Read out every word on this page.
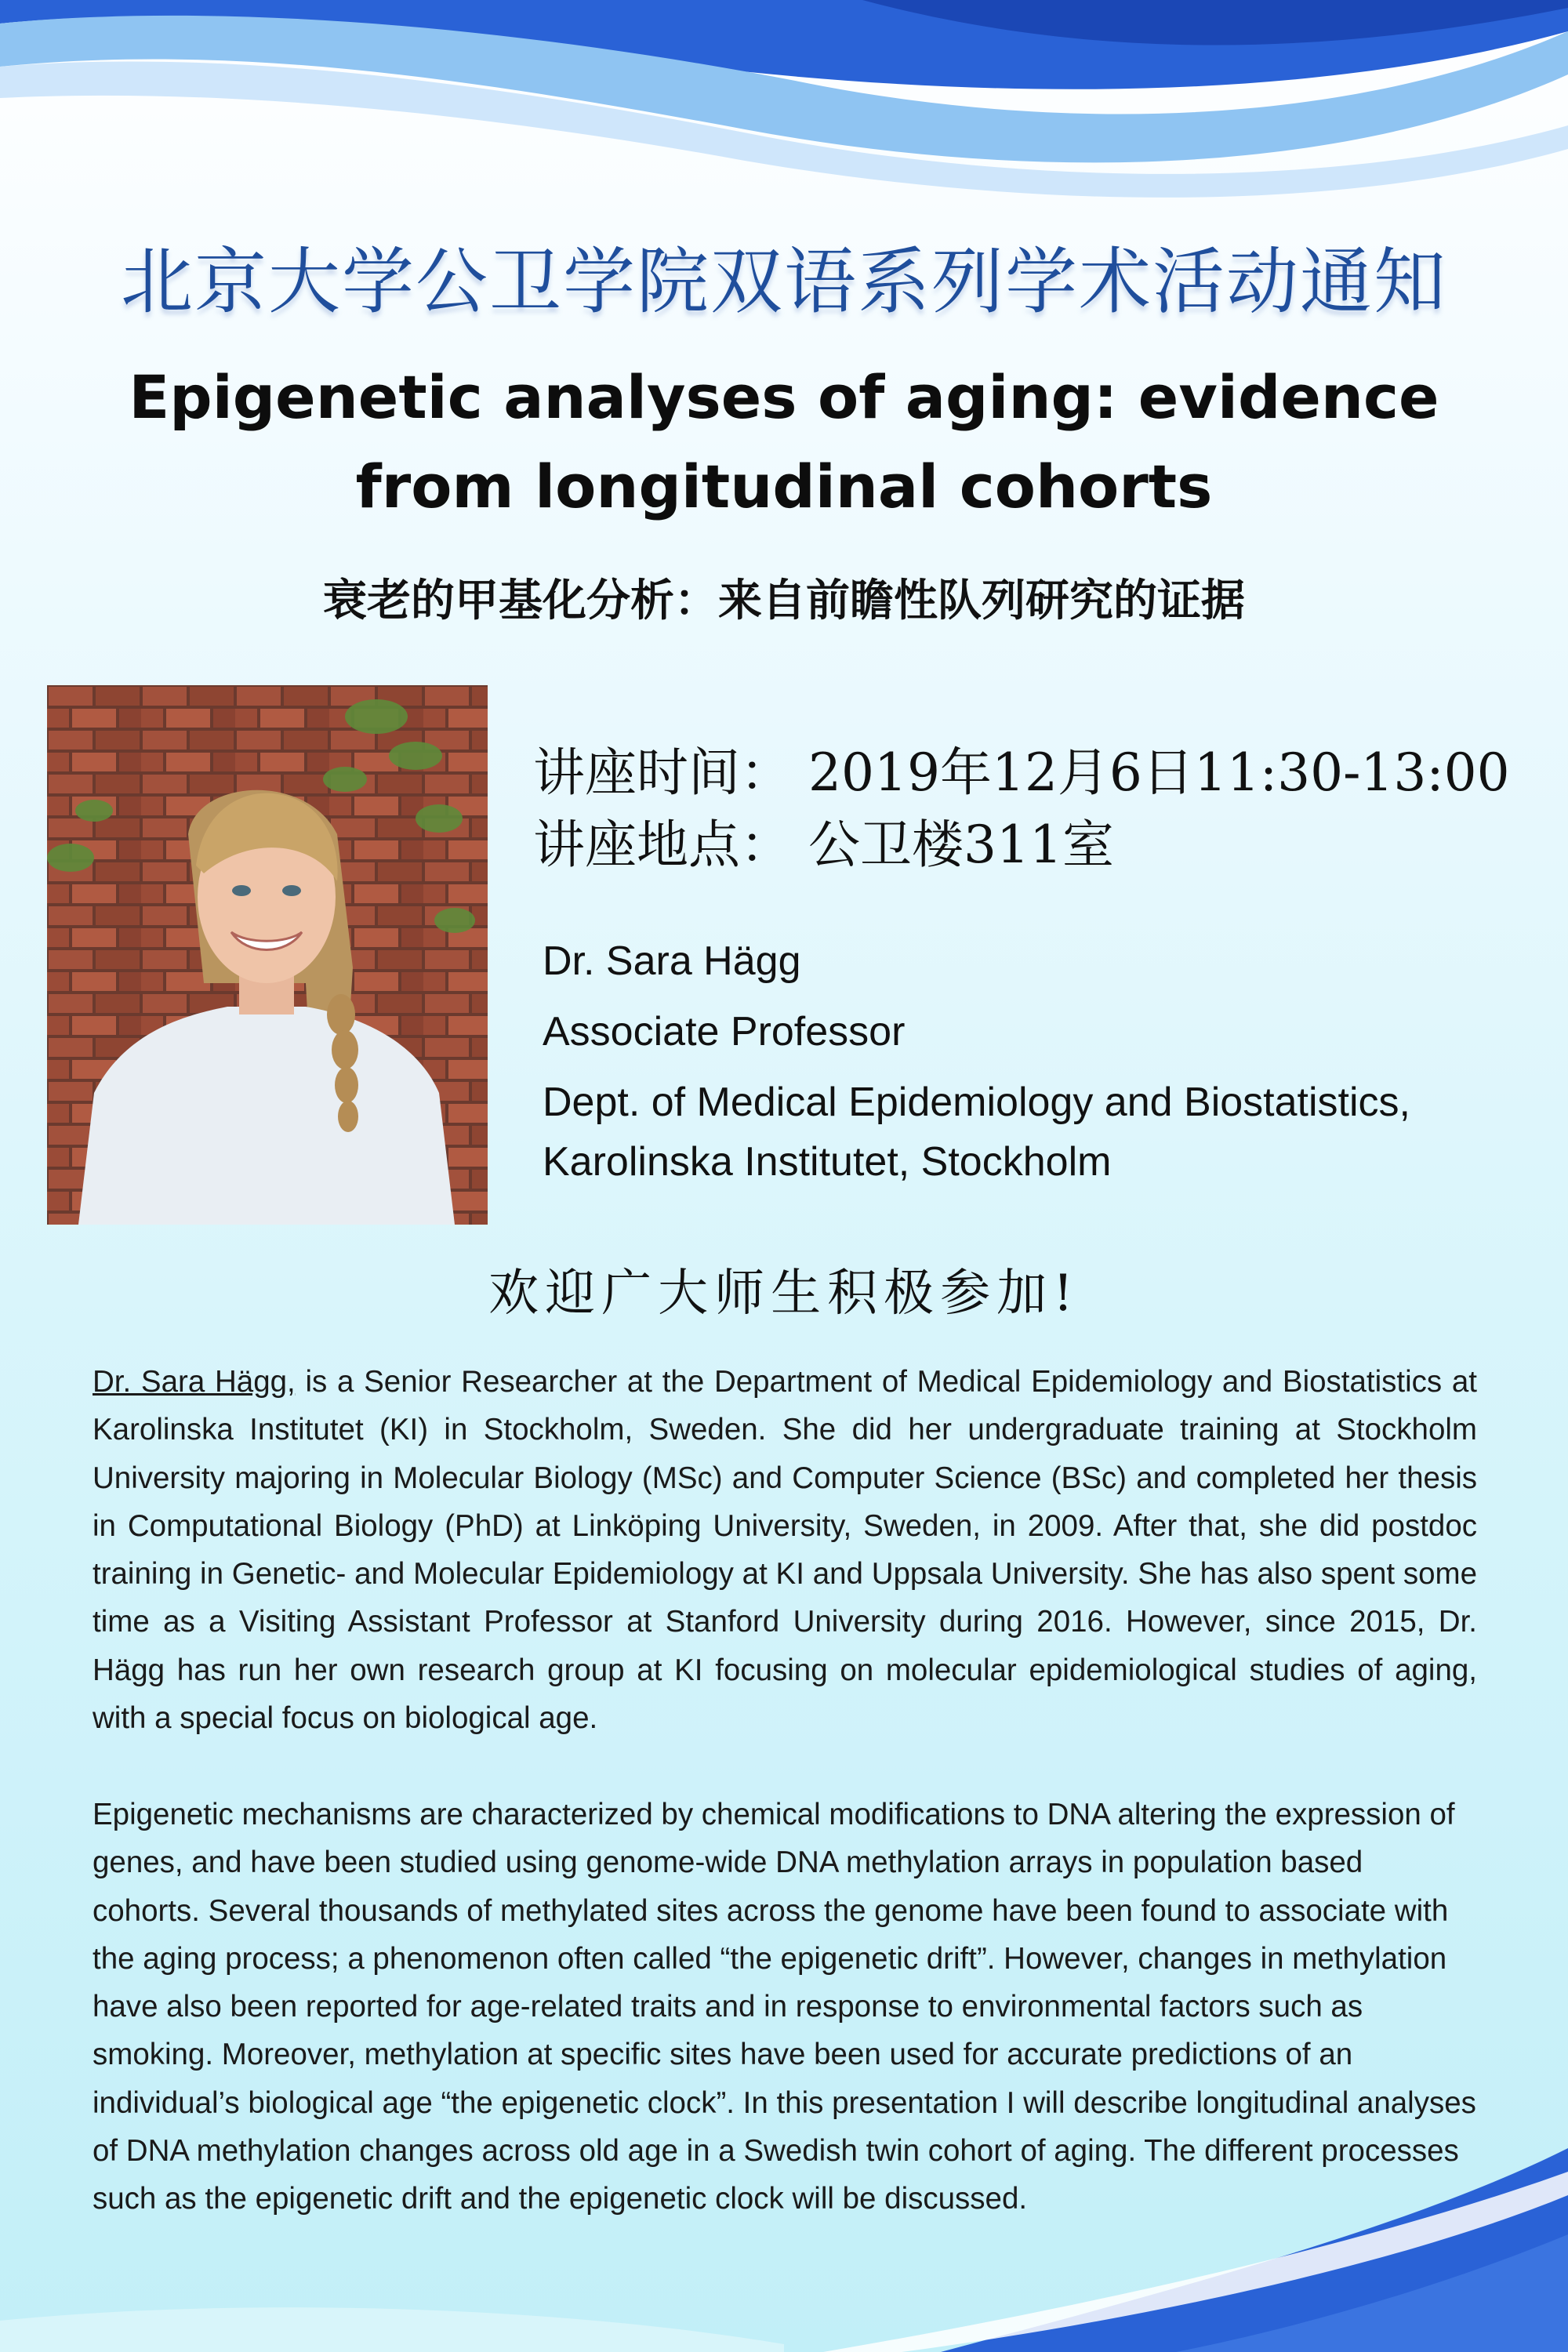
北京大学公卫学院双语系列学术活动通知
Epigenetic analyses of aging: evidence from longitudinal cohorts
衰老的甲基化分析：来自前瞻性队列研究的证据
讲座时间： 2019年12月6日11:30-13:00
讲座地点： 公卫楼311室
Dr. Sara Hägg
Associate Professor
Dept. of Medical Epidemiology and Biostatistics,
Karolinska Institutet, Stockholm
欢迎广大师生积极参加!
Dr. Sara Hägg, is a Senior Researcher at the Department of Medical Epidemiology and Biostatistics at Karolinska Institutet (KI) in Stockholm, Sweden. She did her undergraduate training at Stockholm University majoring in Molecular Biology (MSc) and Computer Science (BSc) and completed her thesis in Computational Biology (PhD) at Linköping University, Sweden, in 2009. After that, she did postdoc training in Genetic- and Molecular Epidemiology at KI and Uppsala University. She has also spent some time as a Visiting Assistant Professor at Stanford University during 2016. However, since 2015, Dr. Hägg has run her own research group at KI focusing on molecular epidemiological studies of aging, with a special focus on biological age.
Epigenetic mechanisms are characterized by chemical modifications to DNA altering the expression of genes, and have been studied using genome-wide DNA methylation arrays in population based cohorts. Several thousands of methylated sites across the genome have been found to associate with the aging process; a phenomenon often called “the epigenetic drift”. However, changes in methylation have also been reported for age-related traits and in response to environmental factors such as smoking. Moreover, methylation at specific sites have been used for accurate predictions of an individual’s biological age “the epigenetic clock”. In this presentation I will describe longitudinal analyses of DNA methylation changes across old age in a Swedish twin cohort of aging. The different processes such as the epigenetic drift and the epigenetic clock will be discussed.
